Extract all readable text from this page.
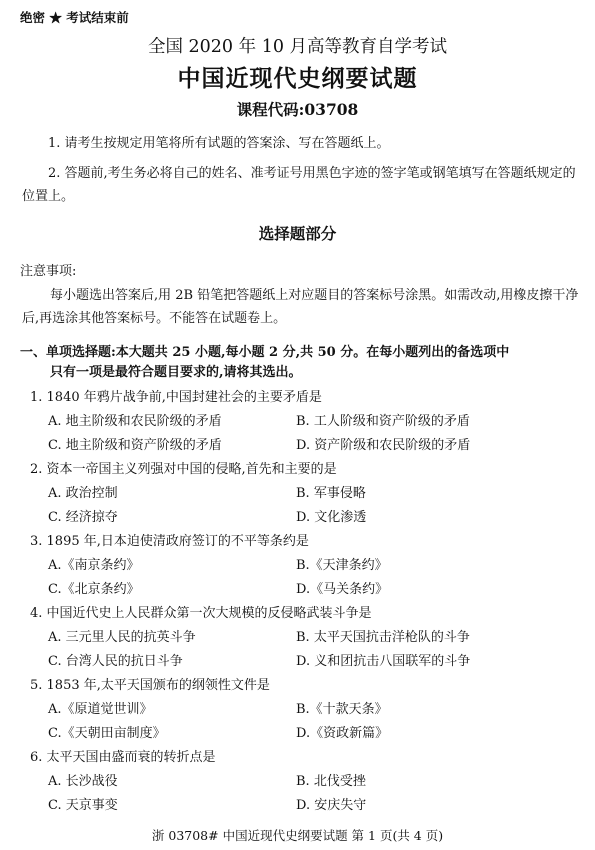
绝密 ★ 考试结束前
全国 2020 年 10 月高等教育自学考试
中国近现代史纲要试题
课程代码:03708
1. 请考生按规定用笔将所有试题的答案涂、写在答题纸上。
2. 答题前,考生务必将自己的姓名、准考证号用黑色字迹的签字笔或钢笔填写在答题纸规定的位置上。
选择题部分
注意事项:
每小题选出答案后,用 2B 铅笔把答题纸上对应题目的答案标号涂黑。如需改动,用橡皮擦干净后,再选涂其他答案标号。不能答在试题卷上。
一、单项选择题:本大题共 25 小题,每小题 2 分,共 50 分。在每小题列出的备选项中
只有一项是最符合题目要求的,请将其选出。
1. 1840 年鸦片战争前,中国封建社会的主要矛盾是
A. 地主阶级和农民阶级的矛盾	B. 工人阶级和资产阶级的矛盾
C. 地主阶级和资产阶级的矛盾	D. 资产阶级和农民阶级的矛盾
2. 资本一帝国主义列强对中国的侵略,首先和主要的是
A. 政治控制	B. 军事侵略
C. 经济掠夺	D. 文化渗透
3. 1895 年,日本迫使清政府签订的不平等条约是
A.《南京条约》	B.《天津条约》
C.《北京条约》	D.《马关条约》
4. 中国近代史上人民群众第一次大规模的反侵略武装斗争是
A. 三元里人民的抗英斗争	B. 太平天国抗击洋枪队的斗争
C. 台湾人民的抗日斗争	D. 义和团抗击八国联军的斗争
5. 1853 年,太平天国颁布的纲领性文件是
A.《原道觉世训》	B.《十款天条》
C.《天朝田亩制度》	D.《资政新篇》
6. 太平天国由盛而衰的转折点是
A. 长沙战役	B. 北伐受挫
C. 天京事变	D. 安庆失守
浙 03708# 中国近现代史纲要试题 第 1 页(共 4 页)
